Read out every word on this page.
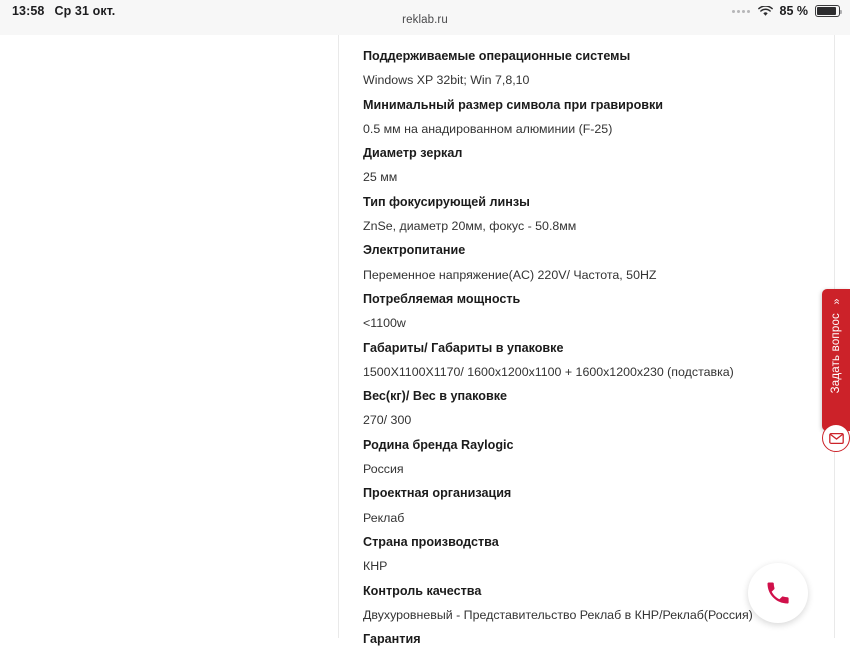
13:58 Ср 31 окт.	85 %
reklab.ru
Поддерживаемые операционные системы
Windows XP 32bit; Win 7,8,10
Минимальный размер символа при гравировки
0.5 мм на анадированном алюминии (F-25)
Диаметр зеркал
25 мм
Тип фокусирующей линзы
ZnSe, диаметр 20мм, фокус - 50.8мм
Электропитание
Переменное напряжение(AC) 220V/ Частота, 50HZ
Потребляемая мощность
<1100w
Габариты/ Габариты в упаковке
1500X1100X1170/ 1600x1200x1100 + 1600x1200x230 (подставка)
Вес(кг)/ Вес в упаковке
270/ 300
Родина бренда Raylogic
Россия
Проектная организация
Реклаб
Страна производства
КНР
Контроль качества
Двухуровневый - Представительство Реклаб в КНР/Реклаб(Россия)
Гарантия
«
Задать вопрос
